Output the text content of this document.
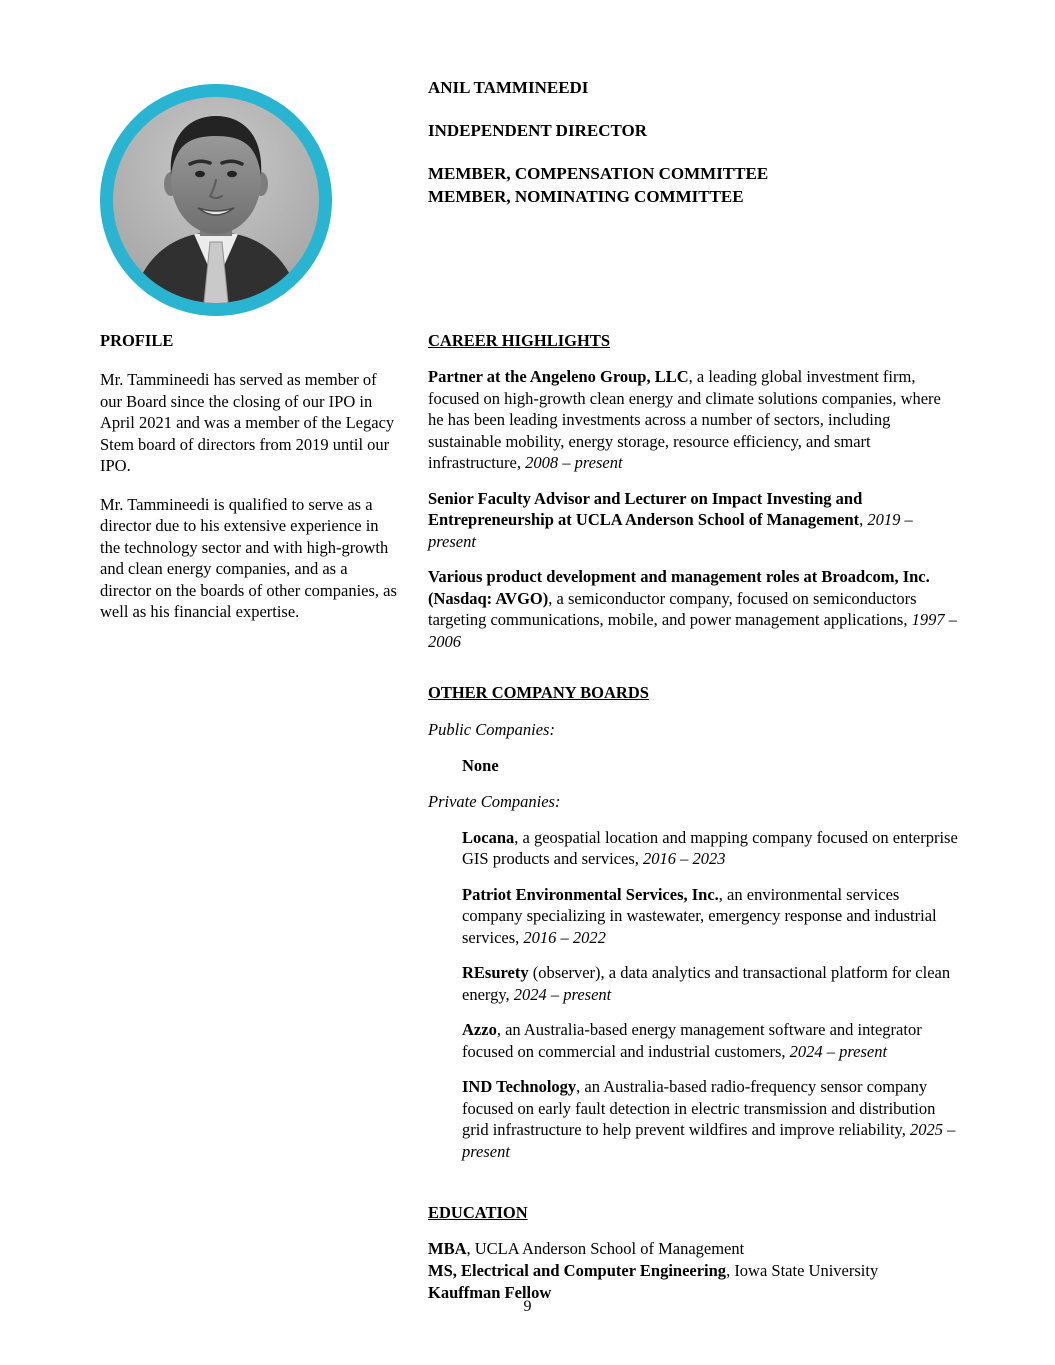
ANIL TAMMINEEDI
INDEPENDENT DIRECTOR
MEMBER, COMPENSATION COMMITTEE
MEMBER, NOMINATING COMMITTEE
PROFILE

Mr. Tammineedi has served as member of our Board since the closing of our IPO in April 2021 and was a member of the Legacy Stem board of directors from 2019 until our IPO.

Mr. Tammineedi is qualified to serve as a director due to his extensive experience in the technology sector and with high-growth and clean energy companies, and as a director on the boards of other companies, as well as his financial expertise.

CAREER HIGHLIGHTS

Partner at the Angeleno Group, LLC, a leading global investment firm, focused on high-growth clean energy and climate solutions companies, where he has been leading investments across a number of sectors, including sustainable mobility, energy storage, resource efficiency, and smart infrastructure, 2008 – present

Senior Faculty Advisor and Lecturer on Impact Investing and Entrepreneurship at UCLA Anderson School of Management, 2019 – present

Various product development and management roles at Broadcom, Inc. (Nasdaq: AVGO), a semiconductor company, focused on semiconductors targeting communications, mobile, and power management applications, 1997 – 2006

OTHER COMPANY BOARDS

Public Companies:

None

Private Companies:

Locana, a geospatial location and mapping company focused on enterprise GIS products and services, 2016 – 2023

Patriot Environmental Services, Inc., an environmental services company specializing in wastewater, emergency response and industrial services, 2016 – 2022

REsurety (observer), a data analytics and transactional platform for clean energy, 2024 – present

Azzo, an Australia-based energy management software and integrator focused on commercial and industrial customers, 2024 – present

IND Technology, an Australia-based radio-frequency sensor company focused on early fault detection in electric transmission and distribution grid infrastructure to help prevent wildfires and improve reliability, 2025 – present

EDUCATION
MBA, UCLA Anderson School of Management
MS, Electrical and Computer Engineering, Iowa State University
Kauffman Fellow
9
